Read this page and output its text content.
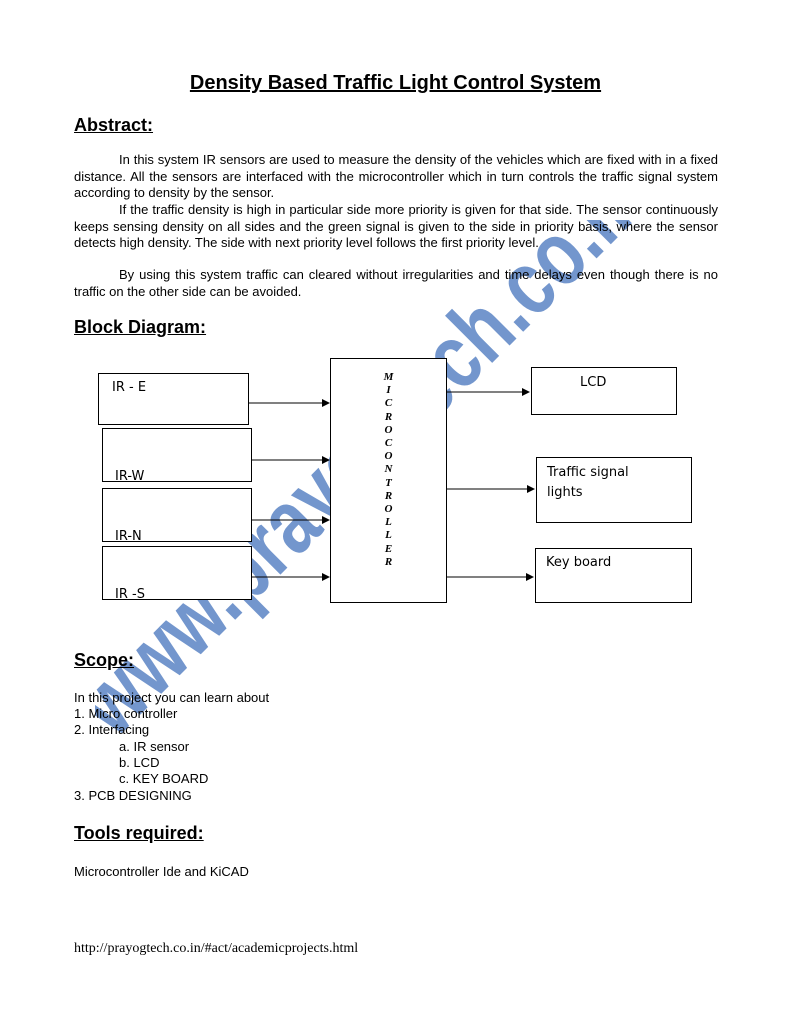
Density Based Traffic Light Control System
Abstract:

In this system IR sensors are used to measure the density of the vehicles which are fixed with in a fixed distance. All the sensors are interfaced with the microcontroller which in turn controls the traffic signal system according to density by the sensor.

If the traffic density is high in particular side more priority is given for that side. The sensor continuously keeps sensing density on all sides and the green signal is given to the side in priority basis, where the sensor detects high density. The side with next priority level follows the first priority level.

By using this system traffic can cleared without irregularities and time delays even though there is no traffic on the other side can be avoided.

Block Diagram:
IR - E
IR-W
IR-N
IR -S
M
I
C
R
O
C
O
N
T
R
O
L
L
E
R
LCD
Traffic signal lights
Key board
Scope:
In this project you can learn about
1. Micro controller
2. Interfacing
a. IR sensor
b. LCD
c. KEY BOARD
3. PCB DESIGNING
Tools required:
Microcontroller Ide and KiCAD
http://prayogtech.co.in/#act/academicprojects.html
